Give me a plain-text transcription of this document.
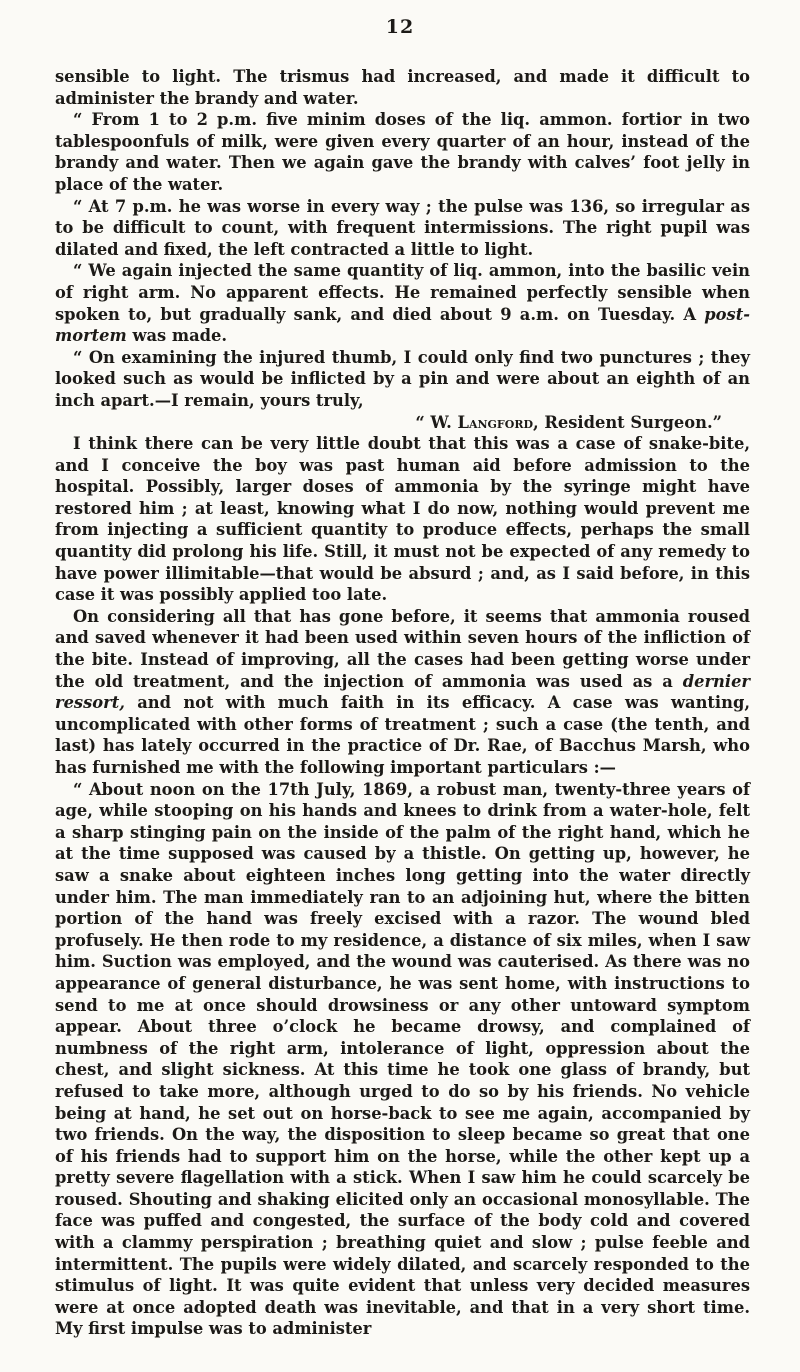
12

sensible to light. The trismus had increased, and made it difficult to administer the brandy and water.

“ From 1 to 2 p.m. five minim doses of the liq. ammon. fortior in two tablespoonfuls of milk, were given every quarter of an hour, instead of the brandy and water. Then we again gave the brandy with calves’ foot jelly in place of the water.

“ At 7 p.m. he was worse in every way ; the pulse was 136, so irregular as to be difficult to count, with frequent intermissions. The right pupil was dilated and fixed, the left contracted a little to light.

“ We again injected the same quantity of liq. ammon, into the basilic vein of right arm. No apparent effects. He remained perfectly sensible when spoken to, but gradually sank, and died about 9 a.m. on Tuesday. A post-mortem was made.

“ On examining the injured thumb, I could only find two punctures ; they looked such as would be inflicted by a pin and were about an eighth of an inch apart.—I remain, yours truly,

“ W. Langford, Resident Surgeon.”

I think there can be very little doubt that this was a case of snake-bite, and I conceive the boy was past human aid before admission to the hospital. Possibly, larger doses of ammonia by the syringe might have restored him ; at least, knowing what I do now, nothing would prevent me from injecting a sufficient quantity to produce effects, perhaps the small quantity did prolong his life. Still, it must not be expected of any remedy to have power illimitable—that would be absurd ; and, as I said before, in this case it was possibly applied too late.

On considering all that has gone before, it seems that ammonia roused and saved whenever it had been used within seven hours of the infliction of the bite. Instead of improving, all the cases had been getting worse under the old treatment, and the injection of ammonia was used as a dernier ressort, and not with much faith in its efficacy. A case was wanting, uncomplicated with other forms of treatment ; such a case (the tenth, and last) has lately occurred in the practice of Dr. Rae, of Bacchus Marsh, who has furnished me with the following important particulars :—

“ About noon on the 17th July, 1869, a robust man, twenty-three years of age, while stooping on his hands and knees to drink from a water-hole, felt a sharp stinging pain on the inside of the palm of the right hand, which he at the time supposed was caused by a thistle. On getting up, however, he saw a snake about eighteen inches long getting into the water directly under him. The man immediately ran to an adjoining hut, where the bitten portion of the hand was freely excised with a razor. The wound bled profusely. He then rode to my residence, a distance of six miles, when I saw him. Suction was employed, and the wound was cauterised. As there was no appearance of general disturbance, he was sent home, with instructions to send to me at once should drowsiness or any other untoward symptom appear. About three o’clock he became drowsy, and complained of numbness of the right arm, intolerance of light, oppression about the chest, and slight sickness. At this time he took one glass of brandy, but refused to take more, although urged to do so by his friends. No vehicle being at hand, he set out on horse-back to see me again, accompanied by two friends. On the way, the disposition to sleep became so great that one of his friends had to support him on the horse, while the other kept up a pretty severe flagellation with a stick. When I saw him he could scarcely be roused. Shouting and shaking elicited only an occasional monosyllable. The face was puffed and congested, the surface of the body cold and covered with a clammy perspiration ; breathing quiet and slow ; pulse feeble and intermittent. The pupils were widely dilated, and scarcely responded to the stimulus of light. It was quite evident that unless very decided measures were at once adopted death was inevitable, and that in a very short time. My first impulse was to administer
